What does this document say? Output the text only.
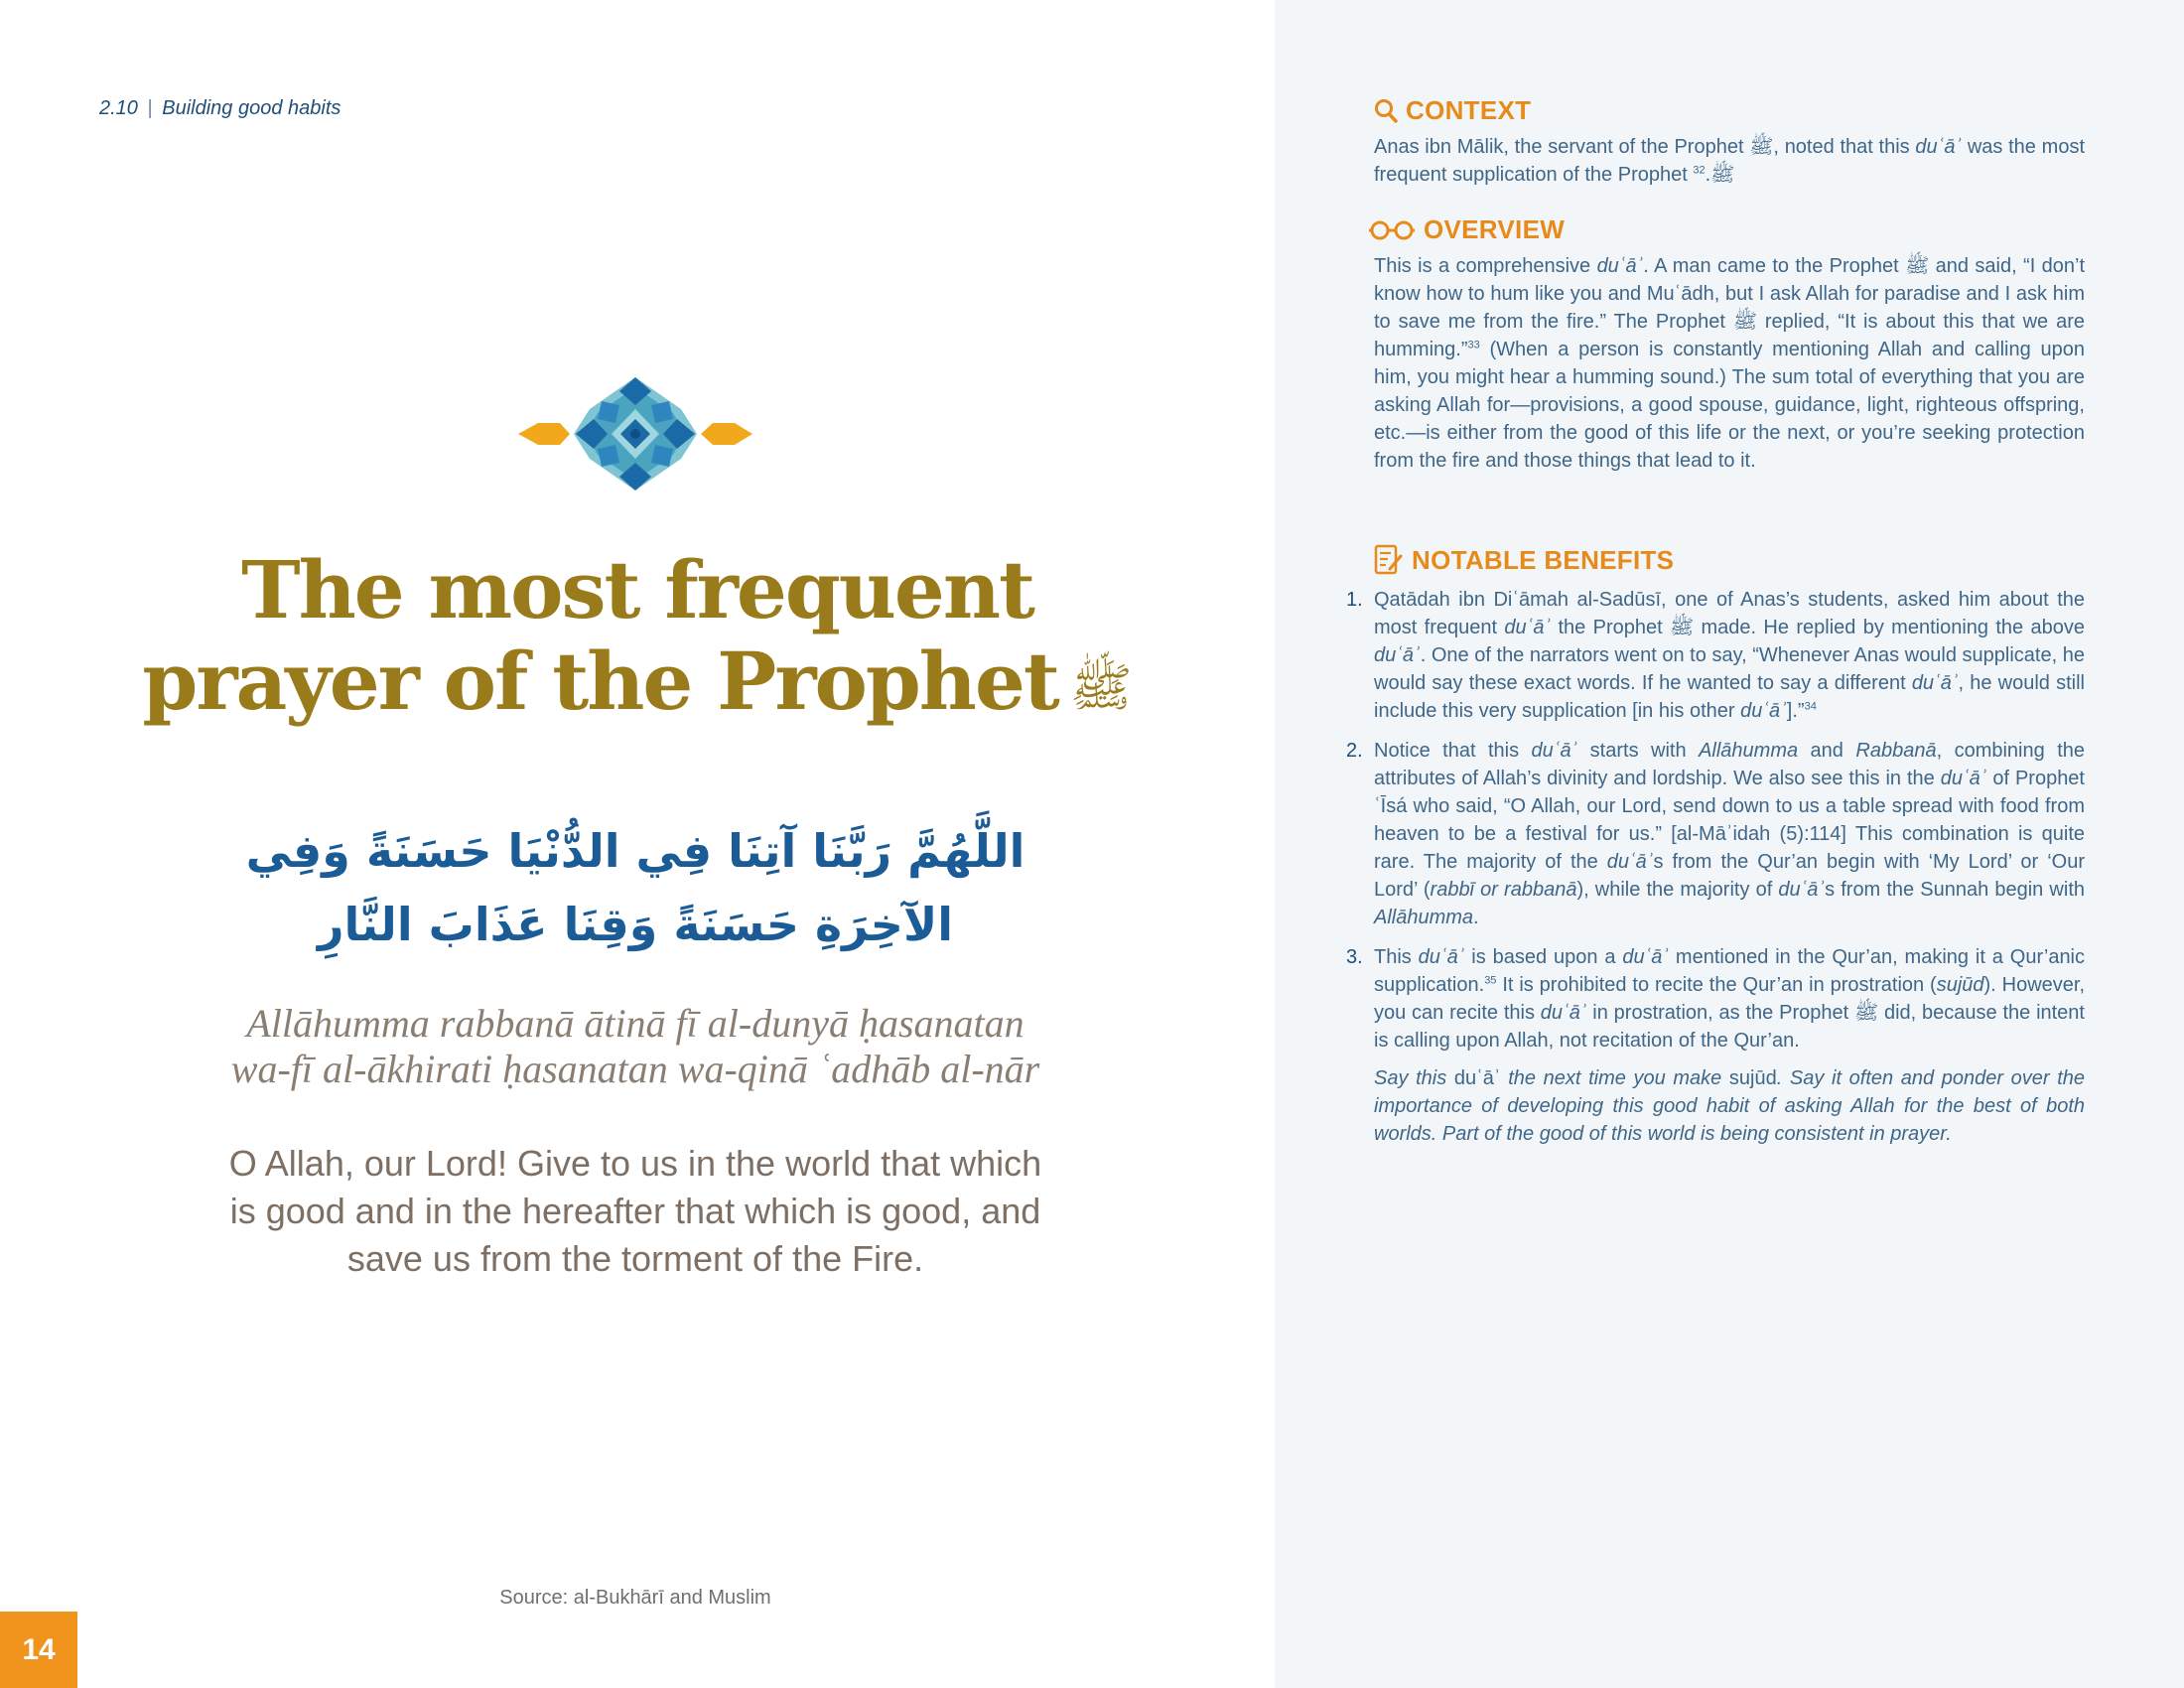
2.10 | Building good habits
The most frequent
prayer of the Prophet ﷺ
اللَّهُمَّ رَبَّنَا آتِنَا فِي الدُّنْيَا حَسَنَةً وَفِي
الآخِرَةِ حَسَنَةً وَقِنَا عَذَابَ النَّارِ
Allāhumma rabbanā ātinā fī al-dunyā ḥasanatan
wa-fī al-ākhirati ḥasanatan wa-qinā ʿadhāb al-nār
O Allah, our Lord! Give to us in the world that which
is good and in the hereafter that which is good, and
save us from the torment of the Fire.
Source: al-Bukhārī and Muslim
14
CONTEXT
Anas ibn Mālik, the servant of the Prophet ﷺ, noted that this duʿāʾ was the most frequent supplication of the Prophet ﷺ.$^{32}$
OVERVIEW
This is a comprehensive duʿāʾ. A man came to the Prophet ﷺ and said, “I don’t know how to hum like you and Muʿādh, but I ask Allah for paradise and I ask him to save me from the fire.” The Prophet ﷺ replied, “It is about this that we are humming.”$^{33}$ (When a person is constantly mentioning Allah and calling upon him, you might hear a humming sound.) The sum total of everything that you are asking Allah for—provisions, a good spouse, guidance, light, righteous offspring, etc.—is either from the good of this life or the next, or you’re seeking protection from the fire and those things that lead to it.
NOTABLE BENEFITS
1. Qatādah ibn Diʿāmah al-Sadūsī, one of Anas’s students, asked him about the most frequent duʿāʾ the Prophet ﷺ made. He replied by mentioning the above duʿāʾ. One of the narrators went on to say, “Whenever Anas would supplicate, he would say these exact words. If he wanted to say a different duʿāʾ, he would still include this very supplication [in his other duʿāʾ].”$^{34}$
2. Notice that this duʿāʾ starts with Allāhumma and Rabbanā, combining the attributes of Allah’s divinity and lordship. We also see this in the duʿāʾ of Prophet ʿĪsá who said, “O Allah, our Lord, send down to us a table spread with food from heaven to be a festival for us.” [al-Māʾidah (5):114] This combination is quite rare. The majority of the duʿāʾs from the Qur’an begin with ‘My Lord’ or ‘Our Lord’ (rabbī or rabbanā), while the majority of duʿāʾs from the Sunnah begin with Allāhumma.
3. This duʿāʾ is based upon a duʿāʾ mentioned in the Qur’an, making it a Qur’anic supplication.$^{35}$ It is prohibited to recite the Qur’an in prostration (sujūd). However, you can recite this duʿāʾ in prostration, as the Prophet ﷺ did, because the intent is calling upon Allah, not recitation of the Qur’an.
Say this duʿāʾ the next time you make sujūd. Say it often and ponder over the importance of developing this good habit of asking Allah for the best of both worlds. Part of the good of this world is being consistent in prayer.
